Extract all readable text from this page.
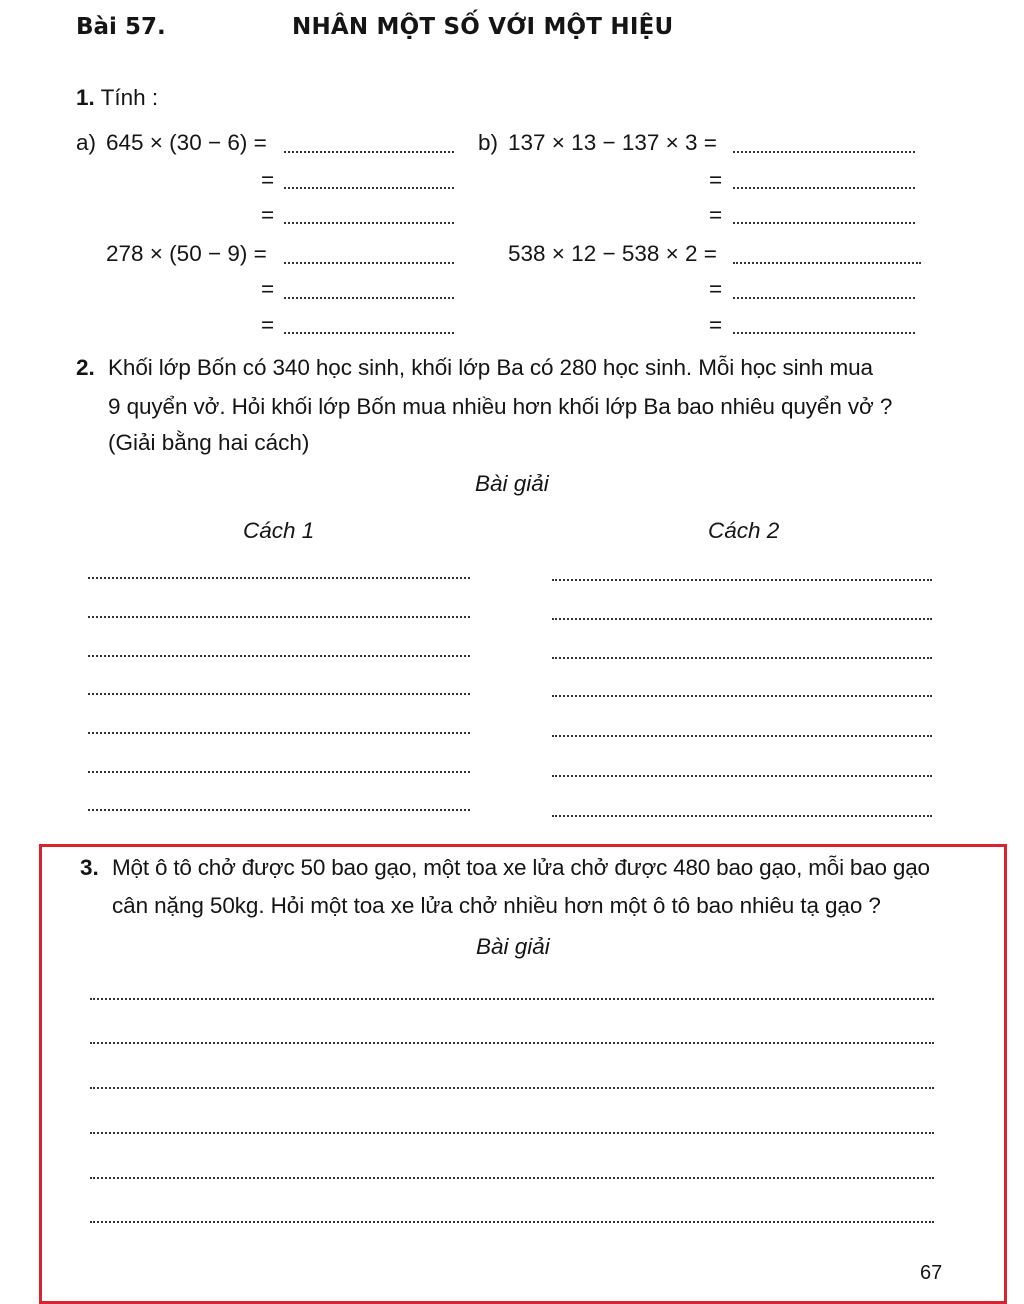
Bài 57.	NHÂN MỘT SỐ VỚI MỘT HIỆU
1. Tính :
a) 645 × (30 − 6) =
=
=
278 × (50 − 9) =
=
=
b) 137 × 13 − 137 × 3 =
=
=
538 × 12 − 538 × 2 =
=
=
2. Khối lớp Bốn có 340 học sinh, khối lớp Ba có 280 học sinh. Mỗi học sinh mua
9 quyển vở. Hỏi khối lớp Bốn mua nhiều hơn khối lớp Ba bao nhiêu quyển vở ?
(Giải bằng hai cách)
Bài giải
Cách 1	Cách 2
3. Một ô tô chở được 50 bao gạo, một toa xe lửa chở được 480 bao gạo, mỗi bao gạo
cân nặng 50kg. Hỏi một toa xe lửa chở nhiều hơn một ô tô bao nhiêu tạ gạo ?
Bài giải
67
